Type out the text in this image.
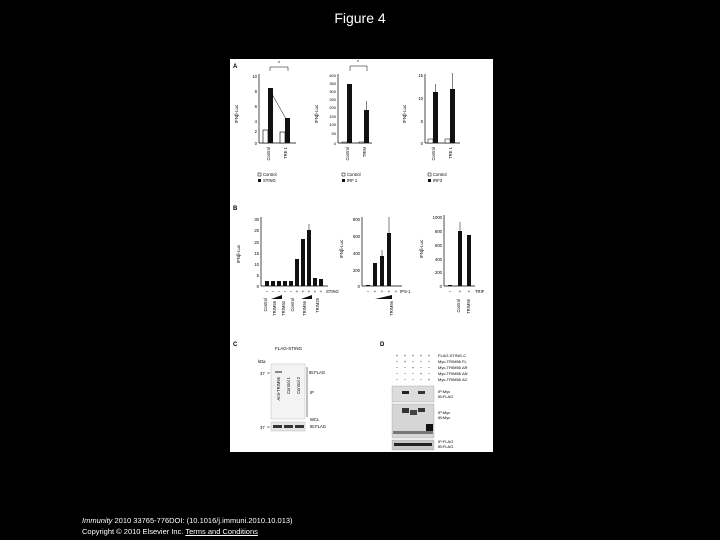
Figure 4
A
IFNβ-Luc
10
8
6
4
2
0
*
Control	TRE 1
Control
STING
IFNβ-Luc
400
350
300
250
200
150
100
50
0
*
Control	TRIM
Control
IRF 1
IFNβ-Luc
15
10
5
0
Control	TRE 1
Control
IRF3
B
IFNβ-Luc
30
25
20
15
10
5
0
− − − − − + + + + + STING
Control TRIM56 TRIM50 Control TRIM56 TRIM25
IFNβ-Luc
800
600
400
200
0
− + + + + IPS-1
TRIM56
IFNβ-Luc
1000
800
600
400
200
0
− + + TRIF
Control TRIM56
C
FLAG-STING
kDa
37
Anti-TRIM56 Control 1 Control 2
IB:FLAG
IP
WCL
IB:FLAG
37
D
+ + + + +
− + − − −
− − + − −
− − − + −
− − − − +
FLAG-STING-C
Myc-TRIM56 FL
Myc-TRIM56 ΔR
Myc-TRIM56 ΔN
Myc-TRIM56 ΔC
IP:Myc
IB:FLAG
IP:Myc
IB:Myc
IP:FLAG
IB:FLAG
Immunity 2010 33765-776DOI: (10.1016/j.immuni.2010.10.013)
Copyright © 2010 Elsevier Inc. Terms and Conditions
